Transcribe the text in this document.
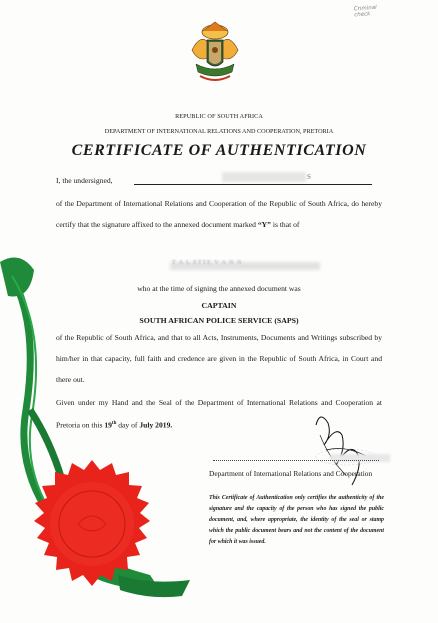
Criminal check
REPUBLIC OF SOUTH AFRICA
DEPARTMENT OF INTERNATIONAL RELATIONS AND COOPERATION, PRETORIA
CERTIFICATE OF AUTHENTICATION
I, the undersigned,	S
of the Department of International Relations and Cooperation of the Republic of South Africa, do hereby certify that the signature affixed to the annexed document marked “Y” is that of
T A L ETTE V A N N
who at the time of signing the annexed document was
CAPTAIN
SOUTH AFRICAN POLICE SERVICE (SAPS)
of the Republic of South Africa, and that to all Acts, Instruments, Documents and Writings subscribed by him/her in that capacity, full faith and credence are given in the Republic of South Africa, in Court and there out.
Given under my Hand and the Seal of the Department of International Relations and Cooperation at Pretoria on this 19th day of July 2019.
Department of International Relations and Cooperation
This Certificate of Authentication only certifies the authenticity of the signature and the capacity of the person who has signed the public document, and, where appropriate, the identity of the seal or stamp which the public document bears and not the content of the document for which it was issued.
